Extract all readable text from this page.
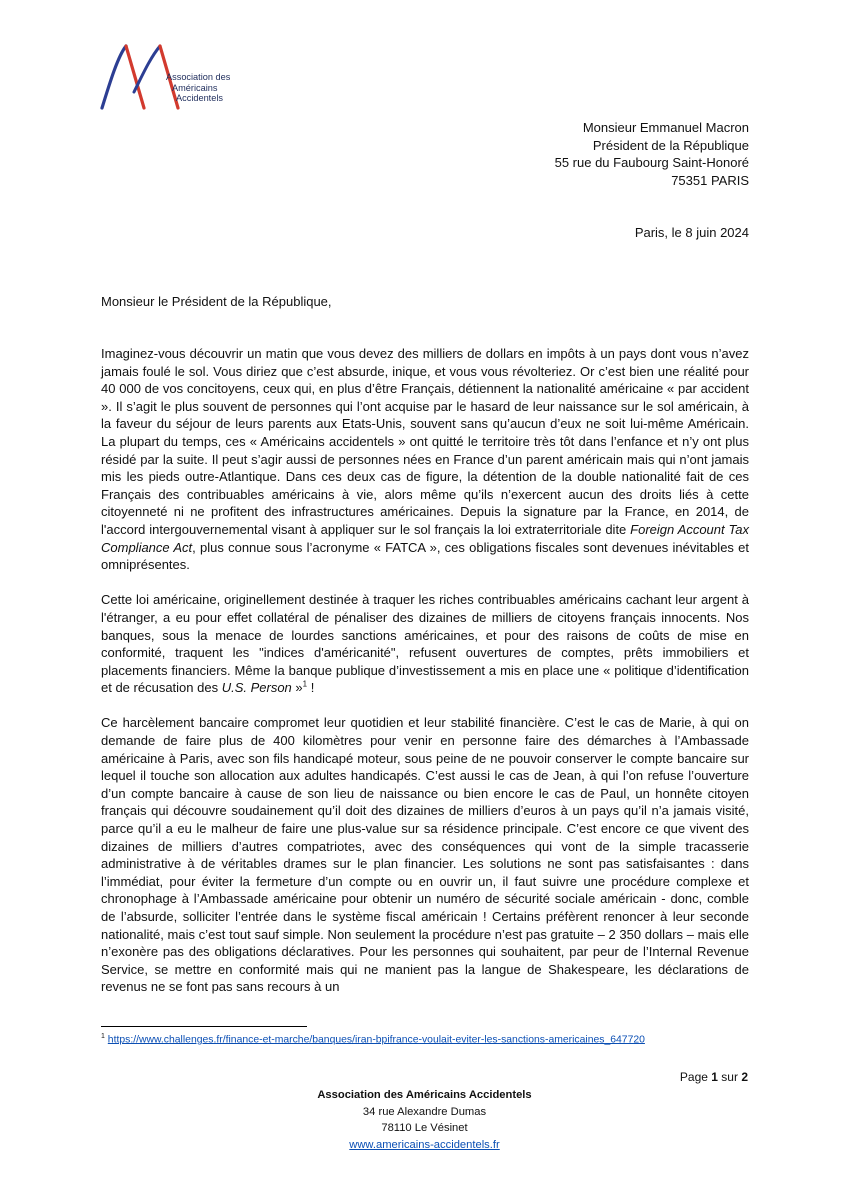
Association des
Américains
Accidentels
Monsieur Emmanuel Macron
Président de la République
55 rue du Faubourg Saint-Honoré
75351 PARIS
Paris, le 8 juin 2024
Monsieur le Président de la République,

Imaginez-vous découvrir un matin que vous devez des milliers de dollars en impôts à un pays dont vous n’avez jamais foulé le sol. Vous diriez que c’est absurde, inique, et vous vous révolteriez. Or c’est bien une réalité pour 40 000 de vos concitoyens, ceux qui, en plus d’être Français, détiennent la nationalité américaine « par accident ». Il s’agit le plus souvent de personnes qui l’ont acquise par le hasard de leur naissance sur le sol américain, à la faveur du séjour de leurs parents aux Etats-Unis, souvent sans qu’aucun d’eux ne soit lui-même Américain. La plupart du temps, ces « Américains accidentels » ont quitté le territoire très tôt dans l’enfance et n’y ont plus résidé par la suite. Il peut s’agir aussi de personnes nées en France d’un parent américain mais qui n’ont jamais mis les pieds outre-Atlantique. Dans ces deux cas de figure, la détention de la double nationalité fait de ces Français des contribuables américains à vie, alors même qu’ils n’exercent aucun des droits liés à cette citoyenneté ni ne profitent des infrastructures américaines. Depuis la signature par la France, en 2014, de l'accord intergouvernemental visant à appliquer sur le sol français la loi extraterritoriale dite Foreign Account Tax Compliance Act, plus connue sous l’acronyme « FATCA », ces obligations fiscales sont devenues inévitables et omniprésentes.

Cette loi américaine, originellement destinée à traquer les riches contribuables américains cachant leur argent à l'étranger, a eu pour effet collatéral de pénaliser des dizaines de milliers de citoyens français innocents. Nos banques, sous la menace de lourdes sanctions américaines, et pour des raisons de coûts de mise en conformité, traquent les "indices d'américanité", refusent ouvertures de comptes, prêts immobiliers et placements financiers. Même la banque publique d’investissement a mis en place une « politique d’identification et de récusation des U.S. Person »$^1$ !

Ce harcèlement bancaire compromet leur quotidien et leur stabilité financière. C’est le cas de Marie, à qui on demande de faire plus de 400 kilomètres pour venir en personne faire des démarches à l’Ambassade américaine à Paris, avec son fils handicapé moteur, sous peine de ne pouvoir conserver le compte bancaire sur lequel il touche son allocation aux adultes handicapés. C’est aussi le cas de Jean, à qui l’on refuse l’ouverture d’un compte bancaire à cause de son lieu de naissance ou bien encore le cas de Paul, un honnête citoyen français qui découvre soudainement qu’il doit des dizaines de milliers d’euros à un pays qu’il n’a jamais visité, parce qu’il a eu le malheur de faire une plus-value sur sa résidence principale. C’est encore ce que vivent des dizaines de milliers d’autres compatriotes, avec des conséquences qui vont de la simple tracasserie administrative à de véritables drames sur le plan financier. Les solutions ne sont pas satisfaisantes : dans l’immédiat, pour éviter la fermeture d’un compte ou en ouvrir un, il faut suivre une procédure complexe et chronophage à l’Ambassade américaine pour obtenir un numéro de sécurité sociale américain - donc, comble de l’absurde, solliciter l’entrée dans le système fiscal américain ! Certains préfèrent renoncer à leur seconde nationalité, mais c’est tout sauf simple. Non seulement la procédure n’est pas gratuite – 2 350 dollars – mais elle n’exonère pas des obligations déclaratives. Pour les personnes qui souhaitent, par peur de l’Internal Revenue Service, se mettre en conformité mais qui ne manient pas la langue de Shakespeare, les déclarations de revenus ne se font pas sans recours à un

$^1$ https://www.challenges.fr/finance-et-marche/banques/iran-bpifrance-voulait-eviter-les-sanctions-americaines_647720
Page 1 sur 2
Association des Américains Accidentels
34 rue Alexandre Dumas
78110 Le Vésinet
www.americains-accidentels.fr
